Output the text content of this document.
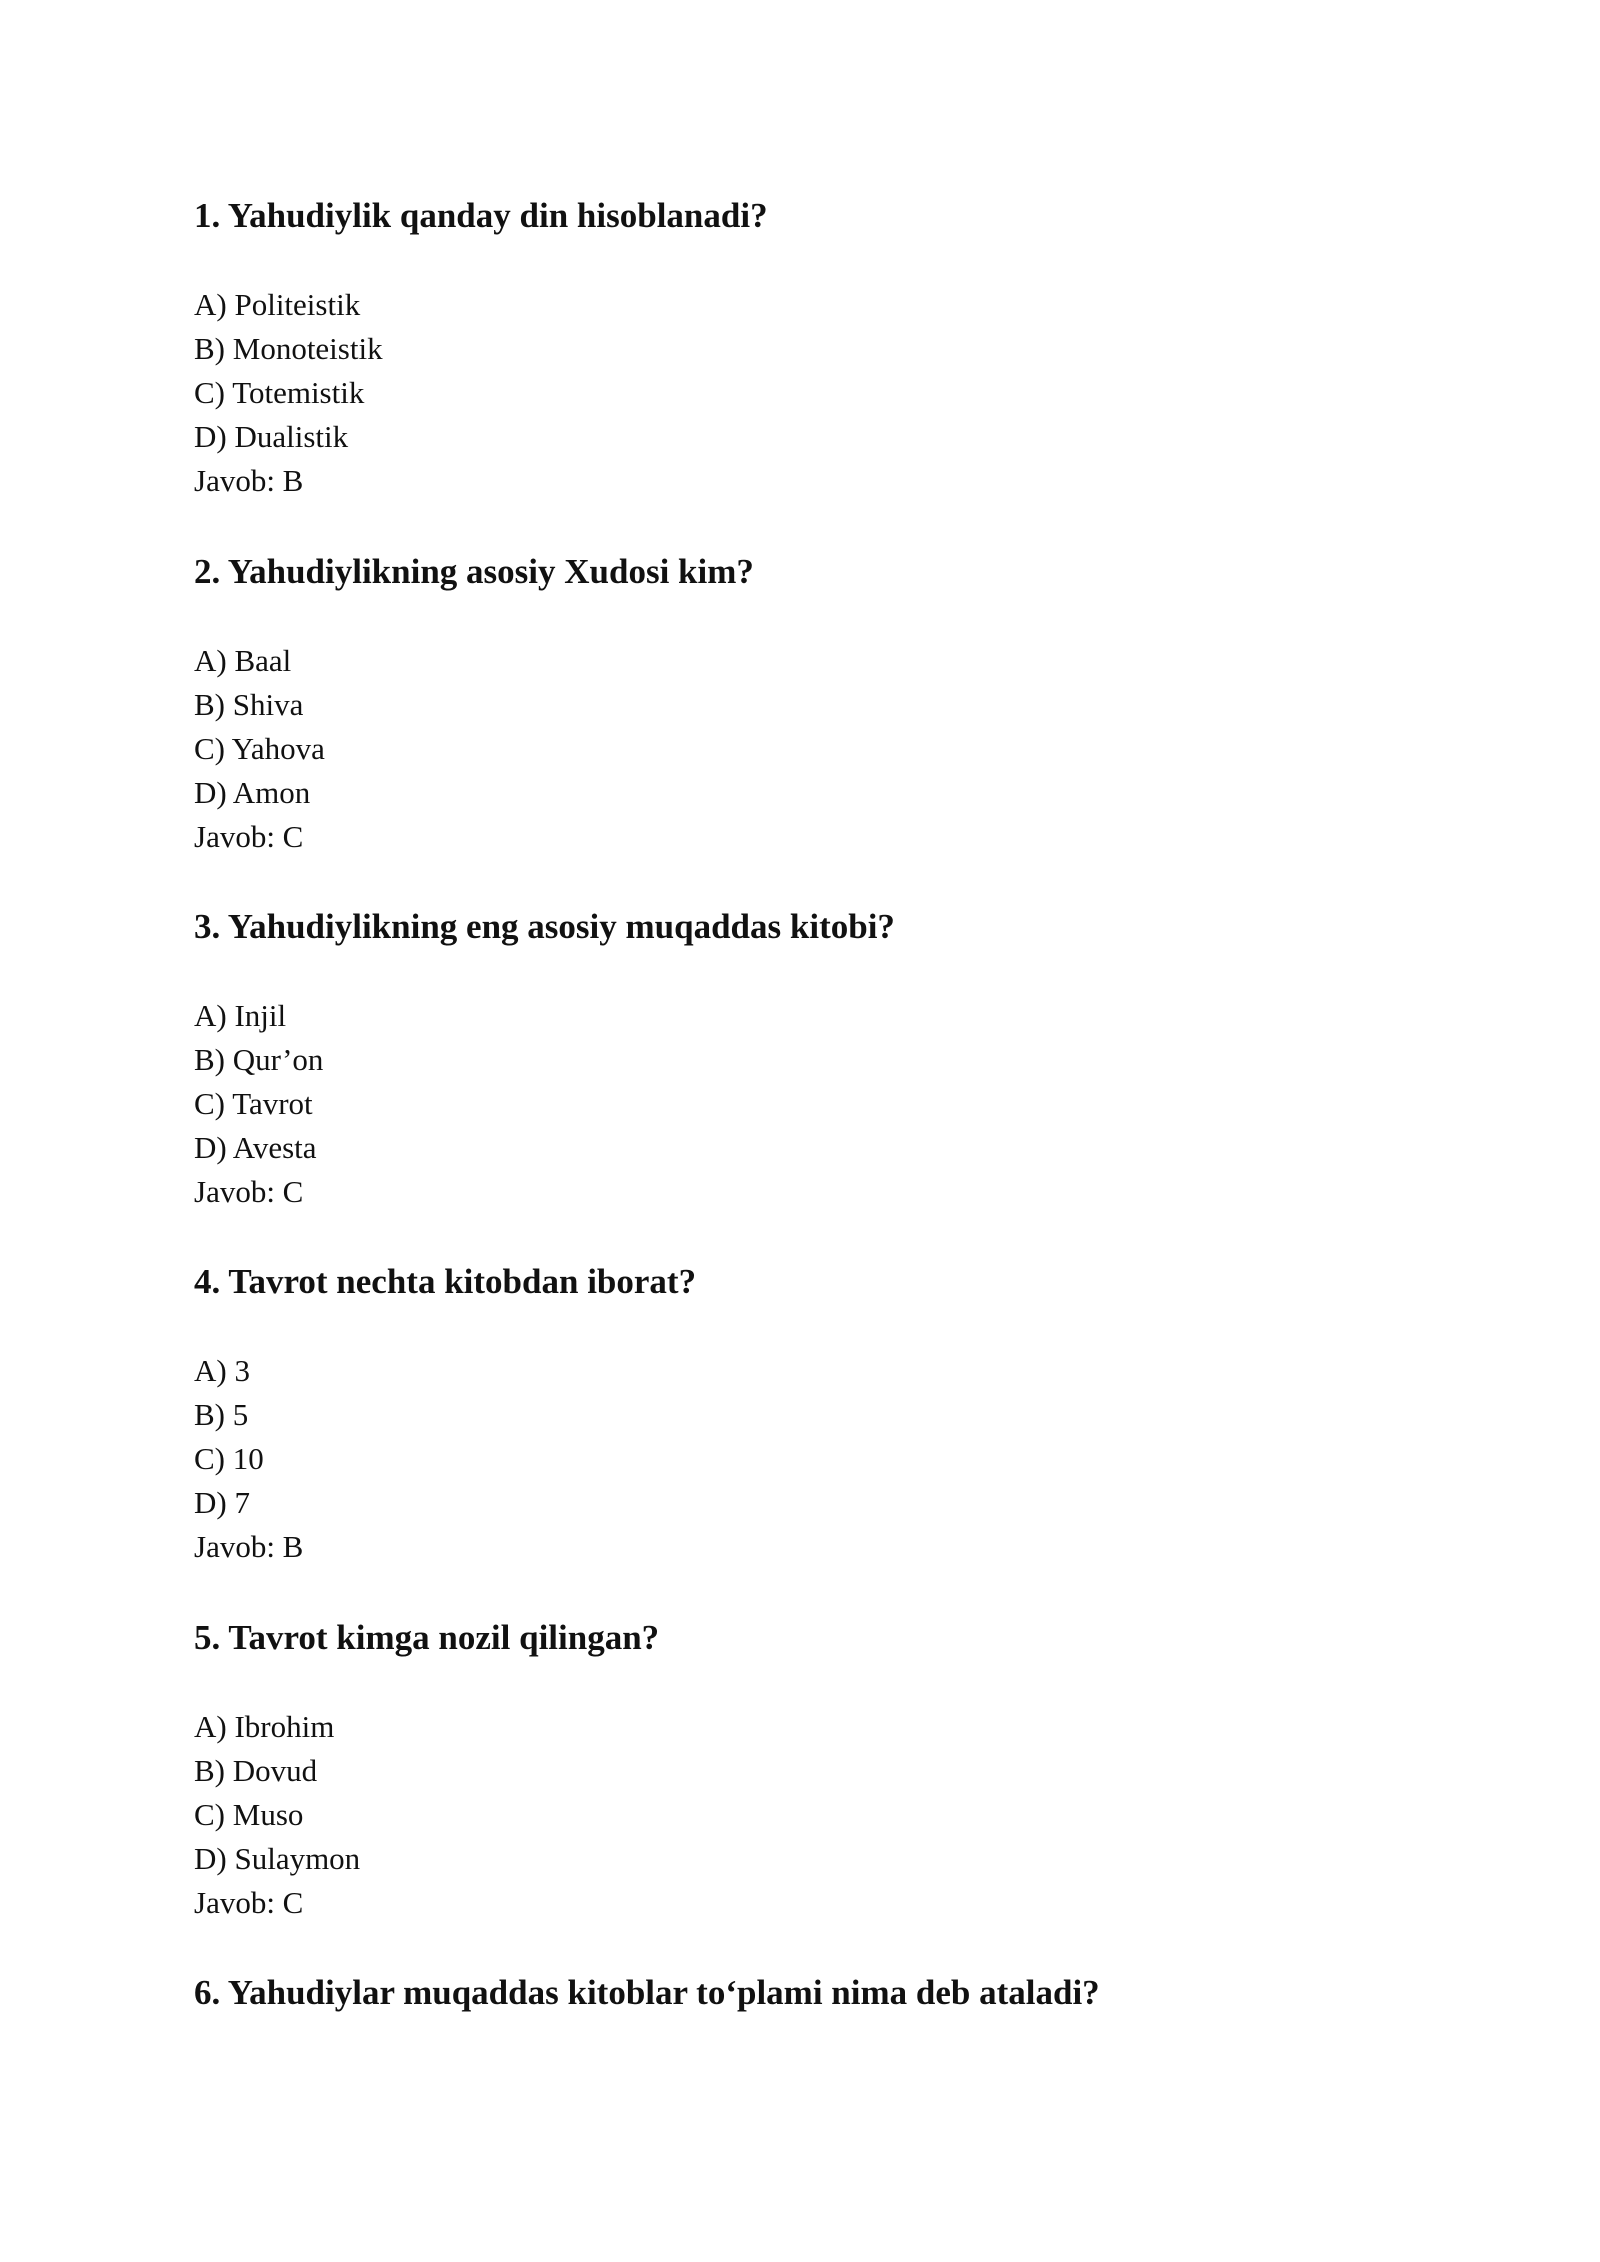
1. Yahudiylik qanday din hisoblanadi?
A) Politeistik
B) Monoteistik
C) Totemistik
D) Dualistik
Javob: B
2. Yahudiylikning asosiy Xudosi kim?
A) Baal
B) Shiva
C) Yahova
D) Amon
Javob: C
3. Yahudiylikning eng asosiy muqaddas kitobi?
A) Injil
B) Qur’on
C) Tavrot
D) Avesta
Javob: C
4. Tavrot nechta kitobdan iborat?
A) 3
B) 5
C) 10
D) 7
Javob: B
5. Tavrot kimga nozil qilingan?
A) Ibrohim
B) Dovud
C) Muso
D) Sulaymon
Javob: C
6. Yahudiylar muqaddas kitoblar to‘plami nima deb ataladi?
